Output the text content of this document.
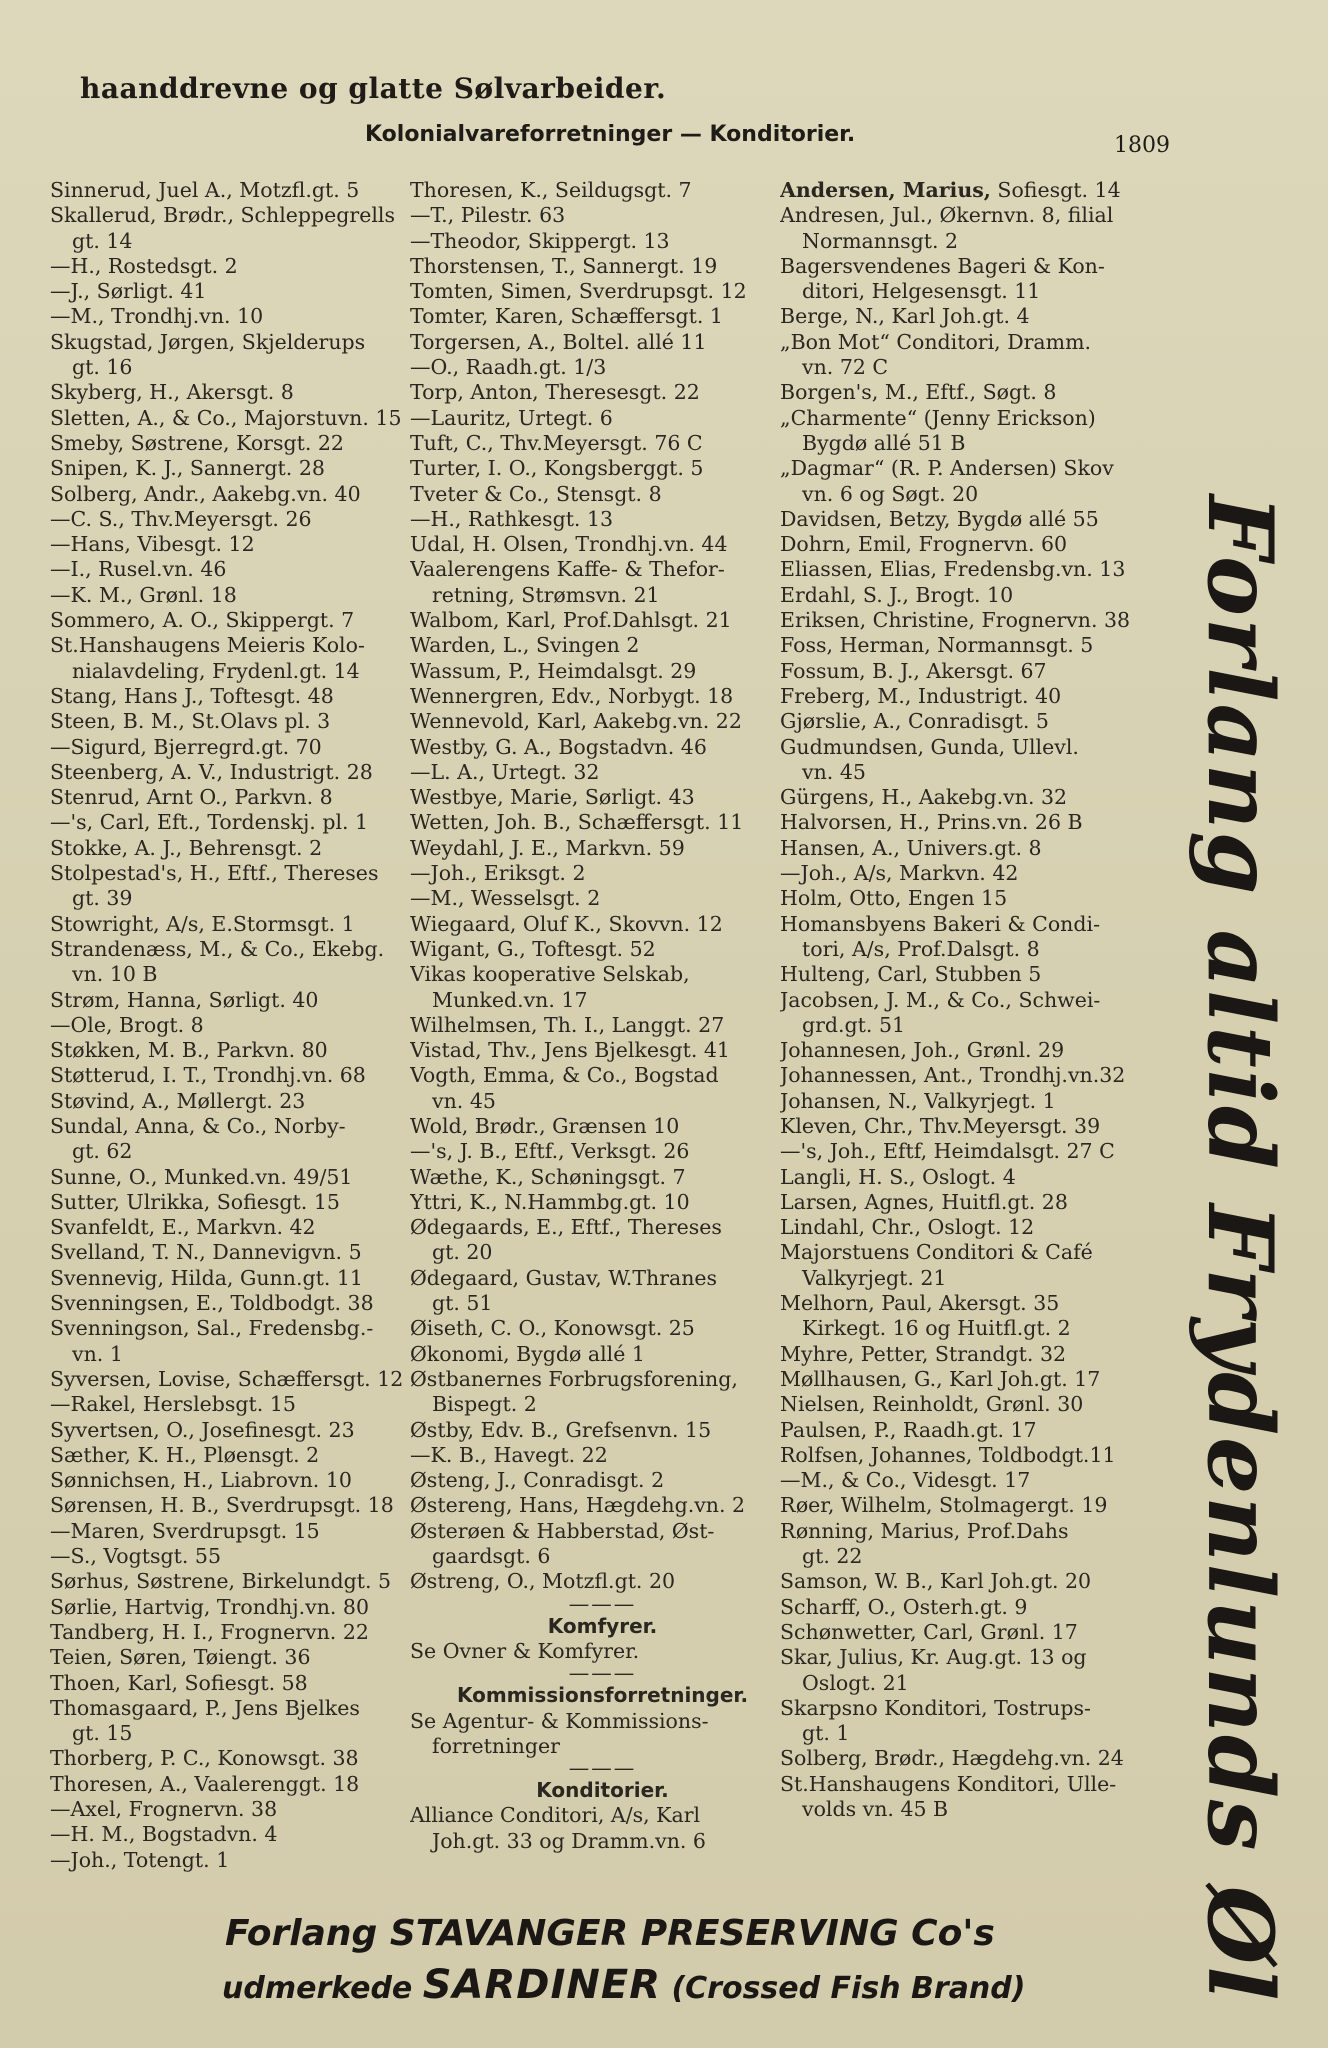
haanddrevne og glatte Sølvarbeider.
Kolonialvareforretninger — Konditorier.	1809
Sinnerud, Juel A., Motzfl.gt. 5
Skallerud, Brødr., Schleppegrells
gt. 14
—H., Rostedsgt. 2
—J., Sørligt. 41
—M., Trondhj.vn. 10
Skugstad, Jørgen, Skjelderups
gt. 16
Skyberg, H., Akersgt. 8
Sletten, A., & Co., Majorstuvn. 15
Smeby, Søstrene, Korsgt. 22
Snipen, K. J., Sannergt. 28
Solberg, Andr., Aakebg.vn. 40
—C. S., Thv.Meyersgt. 26
—Hans, Vibesgt. 12
—I., Rusel.vn. 46
—K. M., Grønl. 18
Sommero, A. O., Skippergt. 7
St.Hanshaugens Meieris Kolo-
nialavdeling, Frydenl.gt. 14
Stang, Hans J., Toftesgt. 48
Steen, B. M., St.Olavs pl. 3
—Sigurd, Bjerregrd.gt. 70
Steenberg, A. V., Industrigt. 28
Stenrud, Arnt O., Parkvn. 8
—'s, Carl, Eft., Tordenskj. pl. 1
Stokke, A. J., Behrensgt. 2
Stolpestad's, H., Eftf., Thereses
gt. 39
Stowright, A/s, E.Stormsgt. 1
Strandenæss, M., & Co., Ekebg.
vn. 10 B
Strøm, Hanna, Sørligt. 40
—Ole, Brogt. 8
Støkken, M. B., Parkvn. 80
Støtterud, I. T., Trondhj.vn. 68
Støvind, A., Møllergt. 23
Sundal, Anna, & Co., Norby-
gt. 62
Sunne, O., Munked.vn. 49/51
Sutter, Ulrikka, Sofiesgt. 15
Svanfeldt, E., Markvn. 42
Svelland, T. N., Dannevigvn. 5
Svennevig, Hilda, Gunn.gt. 11
Svenningsen, E., Toldbodgt. 38
Svenningson, Sal., Fredensbg.-
vn. 1
Syversen, Lovise, Schæffersgt. 12
—Rakel, Herslebsgt. 15
Syvertsen, O., Josefinesgt. 23
Sæther, K. H., Pløensgt. 2
Sønnichsen, H., Liabrovn. 10
Sørensen, H. B., Sverdrupsgt. 18
—Maren, Sverdrupsgt. 15
—S., Vogtsgt. 55
Sørhus, Søstrene, Birkelundgt. 5
Sørlie, Hartvig, Trondhj.vn. 80
Tandberg, H. I., Frognervn. 22
Teien, Søren, Tøiengt. 36
Thoen, Karl, Sofiesgt. 58
Thomasgaard, P., Jens Bjelkes
gt. 15
Thorberg, P. C., Konowsgt. 38
Thoresen, A., Vaalerenggt. 18
—Axel, Frognervn. 38
—H. M., Bogstadvn. 4
—Joh., Totengt. 1
Thoresen, K., Seildugsgt. 7
—T., Pilestr. 63
—Theodor, Skippergt. 13
Thorstensen, T., Sannergt. 19
Tomten, Simen, Sverdrupsgt. 12
Tomter, Karen, Schæffersgt. 1
Torgersen, A., Boltel. allé 11
—O., Raadh.gt. 1/3
Torp, Anton, Theresesgt. 22
—Lauritz, Urtegt. 6
Tuft, C., Thv.Meyersgt. 76 C
Turter, I. O., Kongsberggt. 5
Tveter & Co., Stensgt. 8
—H., Rathkesgt. 13
Udal, H. Olsen, Trondhj.vn. 44
Vaalerengens Kaffe- & Thefor-
retning, Strømsvn. 21
Walbom, Karl, Prof.Dahlsgt. 21
Warden, L., Svingen 2
Wassum, P., Heimdalsgt. 29
Wennergren, Edv., Norbygt. 18
Wennevold, Karl, Aakebg.vn. 22
Westby, G. A., Bogstadvn. 46
—L. A., Urtegt. 32
Westbye, Marie, Sørligt. 43
Wetten, Joh. B., Schæffersgt. 11
Weydahl, J. E., Markvn. 59
—Joh., Eriksgt. 2
—M., Wesselsgt. 2
Wiegaard, Oluf K., Skovvn. 12
Wigant, G., Toftesgt. 52
Vikas kooperative Selskab,
Munked.vn. 17
Wilhelmsen, Th. I., Langgt. 27
Vistad, Thv., Jens Bjelkesgt. 41
Vogth, Emma, & Co., Bogstad
vn. 45
Wold, Brødr., Grænsen 10
—'s, J. B., Eftf., Verksgt. 26
Wæthe, K., Schøningsgt. 7
Yttri, K., N.Hammbg.gt. 10
Ødegaards, E., Eftf., Thereses
gt. 20
Ødegaard, Gustav, W.Thranes
gt. 51
Øiseth, C. O., Konowsgt. 25
Økonomi, Bygdø allé 1
Østbanernes Forbrugsforening,
Bispegt. 2
Østby, Edv. B., Grefsenvn. 15
—K. B., Havegt. 22
Østeng, J., Conradisgt. 2
Østereng, Hans, Hægdehg.vn. 2
Østerøen & Habberstad, Øst-
gaardsgt. 6
Østreng, O., Motzfl.gt. 20
———
Komfyrer.
Se Ovner & Komfyrer.
———
Kommissionsforretninger.
Se Agentur- & Kommissions-
forretninger
———
Konditorier.
Alliance Conditori, A/s, Karl
Joh.gt. 33 og Dramm.vn. 6
Andersen, Marius, Sofiesgt. 14
Andresen, Jul., Økernvn. 8, filial
Normannsgt. 2
Bagersvendenes Bageri & Kon-
ditori, Helgesensgt. 11
Berge, N., Karl Joh.gt. 4
„Bon Mot“ Conditori, Dramm.
vn. 72 C
Borgen's, M., Eftf., Søgt. 8
„Charmente“ (Jenny Erickson)
Bygdø allé 51 B
„Dagmar“ (R. P. Andersen) Skov
vn. 6 og Søgt. 20
Davidsen, Betzy, Bygdø allé 55
Dohrn, Emil, Frognervn. 60
Eliassen, Elias, Fredensbg.vn. 13
Erdahl, S. J., Brogt. 10
Eriksen, Christine, Frognervn. 38
Foss, Herman, Normannsgt. 5
Fossum, B. J., Akersgt. 67
Freberg, M., Industrigt. 40
Gjørslie, A., Conradisgt. 5
Gudmundsen, Gunda, Ullevl.
vn. 45
Gürgens, H., Aakebg.vn. 32
Halvorsen, H., Prins.vn. 26 B
Hansen, A., Univers.gt. 8
—Joh., A/s, Markvn. 42
Holm, Otto, Engen 15
Homansbyens Bakeri & Condi-
tori, A/s, Prof.Dalsgt. 8
Hulteng, Carl, Stubben 5
Jacobsen, J. M., & Co., Schwei-
grd.gt. 51
Johannesen, Joh., Grønl. 29
Johannessen, Ant., Trondhj.vn.32
Johansen, N., Valkyrjegt. 1
Kleven, Chr., Thv.Meyersgt. 39
—'s, Joh., Eftf, Heimdalsgt. 27 C
Langli, H. S., Oslogt. 4
Larsen, Agnes, Huitfl.gt. 28
Lindahl, Chr., Oslogt. 12
Majorstuens Conditori & Café
Valkyrjegt. 21
Melhorn, Paul, Akersgt. 35
Kirkegt. 16 og Huitfl.gt. 2
Myhre, Petter, Strandgt. 32
Møllhausen, G., Karl Joh.gt. 17
Nielsen, Reinholdt, Grønl. 30
Paulsen, P., Raadh.gt. 17
Rolfsen, Johannes, Toldbodgt.11
—M., & Co., Videsgt. 17
Røer, Wilhelm, Stolmagergt. 19
Rønning, Marius, Prof.Dahs
gt. 22
Samson, W. B., Karl Joh.gt. 20
Scharff, O., Osterh.gt. 9
Schønwetter, Carl, Grønl. 17
Skar, Julius, Kr. Aug.gt. 13 og
Oslogt. 21
Skarpsno Konditori, Tostrups-
gt. 1
Solberg, Brødr., Hægdehg.vn. 24
St.Hanshaugens Konditori, Ulle-
volds vn. 45 B	Forlang altid Frydenlunds Øl
Forlang STAVANGER PRESERVING Co's
udmerkede SARDINER (Crossed Fish Brand)
